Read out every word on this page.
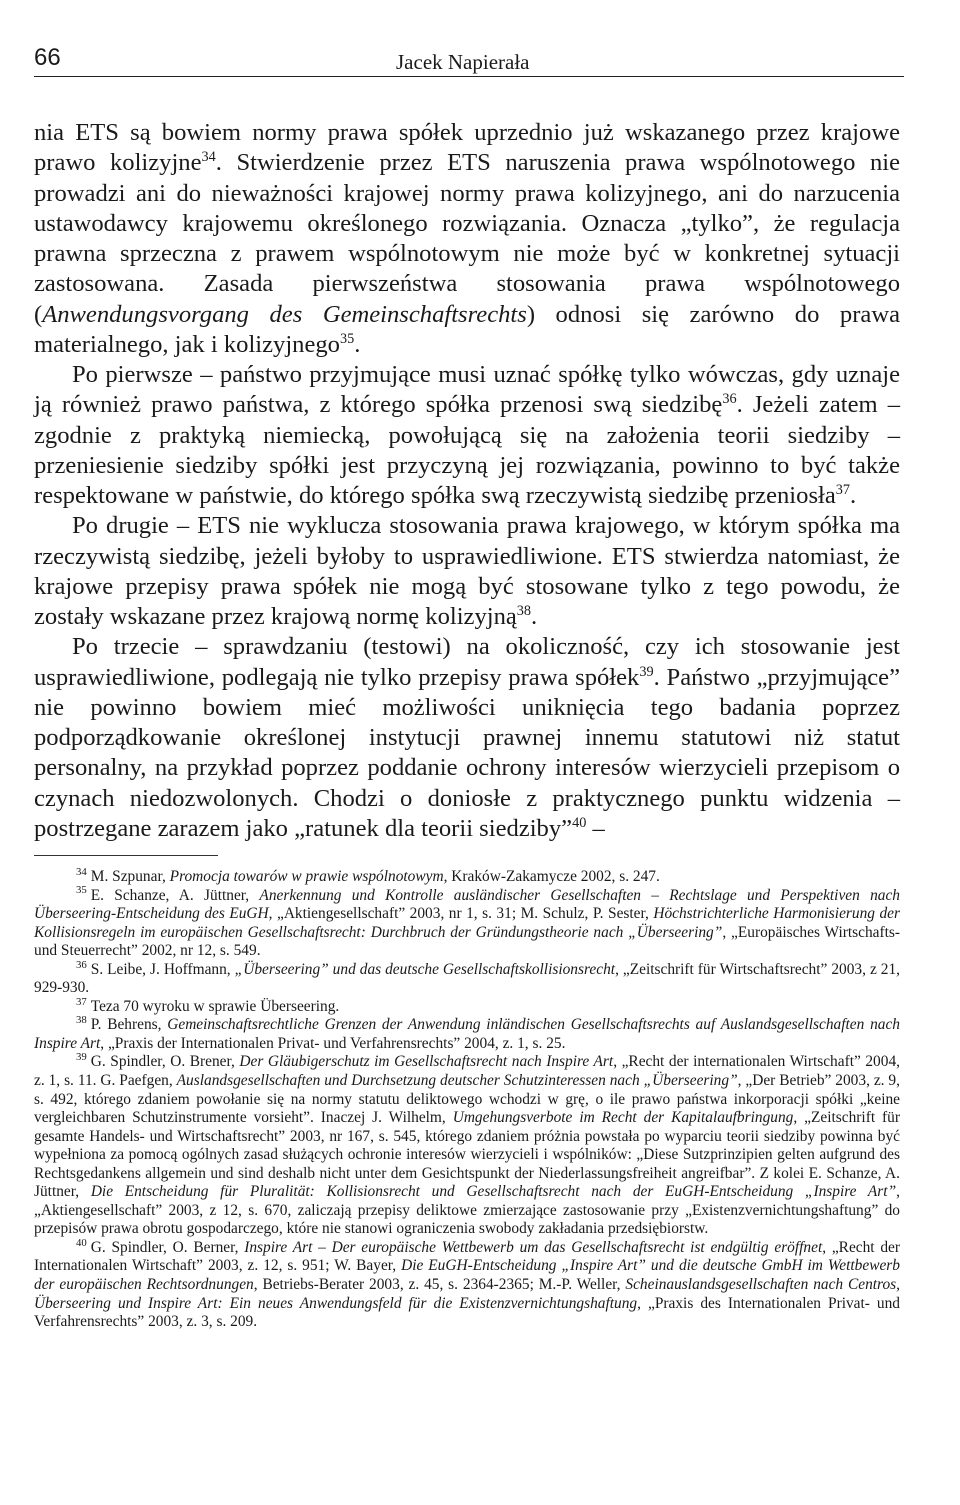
66	Jacek Napierała

nia ETS są bowiem normy prawa spółek uprzednio już wskazanego przez krajowe prawo kolizyjne$^{34}$. Stwierdzenie przez ETS naruszenia prawa wspólnotowego nie prowadzi ani do nieważności krajowej normy prawa kolizyjnego, ani do narzucenia ustawodawcy krajowemu określonego rozwiązania. Oznacza „tylko”, że regulacja prawna sprzeczna z prawem wspólnotowym nie może być w konkretnej sytuacji zastosowana. Zasada pierwszeństwa stosowania prawa wspólnotowego (Anwendungsvorgang des Gemeinschaftsrechts) odnosi się zarówno do prawa materialnego, jak i kolizyjnego$^{35}$.

Po pierwsze – państwo przyjmujące musi uznać spółkę tylko wówczas, gdy uznaje ją również prawo państwa, z którego spółka przenosi swą siedzibę$^{36}$. Jeżeli zatem – zgodnie z praktyką niemiecką, powołującą się na założenia teorii siedziby – przeniesienie siedziby spółki jest przyczyną jej rozwiązania, powinno to być także respektowane w państwie, do którego spółka swą rzeczywistą siedzibę przeniosła$^{37}$.

Po drugie – ETS nie wyklucza stosowania prawa krajowego, w którym spółka ma rzeczywistą siedzibę, jeżeli byłoby to usprawiedliwione. ETS stwierdza natomiast, że krajowe przepisy prawa spółek nie mogą być stosowane tylko z tego powodu, że zostały wskazane przez krajową normę kolizyjną$^{38}$.

Po trzecie – sprawdzaniu (testowi) na okoliczność, czy ich stosowanie jest usprawiedliwione, podlegają nie tylko przepisy prawa spółek$^{39}$. Państwo „przyjmujące” nie powinno bowiem mieć możliwości uniknięcia tego badania poprzez podporządkowanie określonej instytucji prawnej innemu statutowi niż statut personalny, na przykład poprzez poddanie ochrony interesów wierzycieli przepisom o czynach niedozwolonych. Chodzi o doniosłe z praktycznego punktu widzenia – postrzegane zarazem jako „ratunek dla teorii siedziby”$^{40}$ –

$^{34}$ M. Szpunar, Promocja towarów w prawie wspólnotowym, Kraków-Zakamycze 2002, s. 247.

$^{35}$ E. Schanze, A. Jüttner, Anerkennung und Kontrolle ausländischer Gesellschaften – Rechtslage und Perspektiven nach Überseering-Entscheidung des EuGH, „Aktiengesellschaft” 2003, nr 1, s. 31; M. Schulz, P. Sester, Höchstrichterliche Harmonisierung der Kollisionsregeln im europäischen Gesellschaftsrecht: Durchbruch der Gründungstheorie nach „Überseering”, „Europäisches Wirtschafts- und Steuerrecht” 2002, nr 12, s. 549.

$^{36}$ S. Leibe, J. Hoffmann, „Überseering” und das deutsche Gesellschaftskollisionsrecht, „Zeitschrift für Wirtschaftsrecht” 2003, z 21, 929-930.

$^{37}$ Teza 70 wyroku w sprawie Überseering.

$^{38}$ P. Behrens, Gemeinschaftsrechtliche Grenzen der Anwendung inländischen Gesellschaftsrechts auf Auslandsgesellschaften nach Inspire Art, „Praxis der Internationalen Privat- und Verfahrensrechts” 2004, z. 1, s. 25.

$^{39}$ G. Spindler, O. Brener, Der Gläubigerschutz im Gesellschaftsrecht nach Inspire Art, „Recht der internationalen Wirtschaft” 2004, z. 1, s. 11. G. Paefgen, Auslandsgesellschaften und Durchsetzung deutscher Schutzinteressen nach „Überseering”, „Der Betrieb” 2003, z. 9, s. 492, którego zdaniem powołanie się na normy statutu deliktowego wchodzi w grę, o ile prawo państwa inkorporacji spółki „keine vergleichbaren Schutzinstrumente vorsieht”. Inaczej J. Wilhelm, Umgehungsverbote im Recht der Kapitalaufbringung, „Zeitschrift für gesamte Handels- und Wirtschaftsrecht” 2003, nr 167, s. 545, którego zdaniem próżnia powstała po wyparciu teorii siedziby powinna być wypełniona za pomocą ogólnych zasad służących ochronie interesów wierzycieli i wspólników: „Diese Sutzprinzipien gelten aufgrund des Rechtsgedankens allgemein und sind deshalb nicht unter dem Gesichtspunkt der Niederlassungsfreiheit angreifbar”. Z kolei E. Schanze, A. Jüttner, Die Entscheidung für Pluralität: Kollisionsrecht und Gesellschaftsrecht nach der EuGH-Entscheidung „Inspire Art”, „Aktiengesellschaft” 2003, z 12, s. 670, zaliczają przepisy deliktowe zmierzające zastosowanie przy „Existenzvernichtungshaftung” do przepisów prawa obrotu gospodarczego, które nie stanowi ograniczenia swobody zakładania przedsiębiorstw.

$^{40}$ G. Spindler, O. Berner, Inspire Art – Der europäische Wettbewerb um das Gesellschaftsrecht ist endgültig eröffnet, „Recht der Internationalen Wirtschaft” 2003, z. 12, s. 951; W. Bayer, Die EuGH-Entscheidung „Inspire Art” und die deutsche GmbH im Wettbewerb der europäischen Rechtsordnungen, Betriebs-Berater 2003, z. 45, s. 2364-2365; M.-P. Weller, Scheinauslandsgesellschaften nach Centros, Überseering und Inspire Art: Ein neues Anwendungsfeld für die Existenzvernichtungshaftung, „Praxis des Internationalen Privat- und Verfahrensrechts” 2003, z. 3, s. 209.
